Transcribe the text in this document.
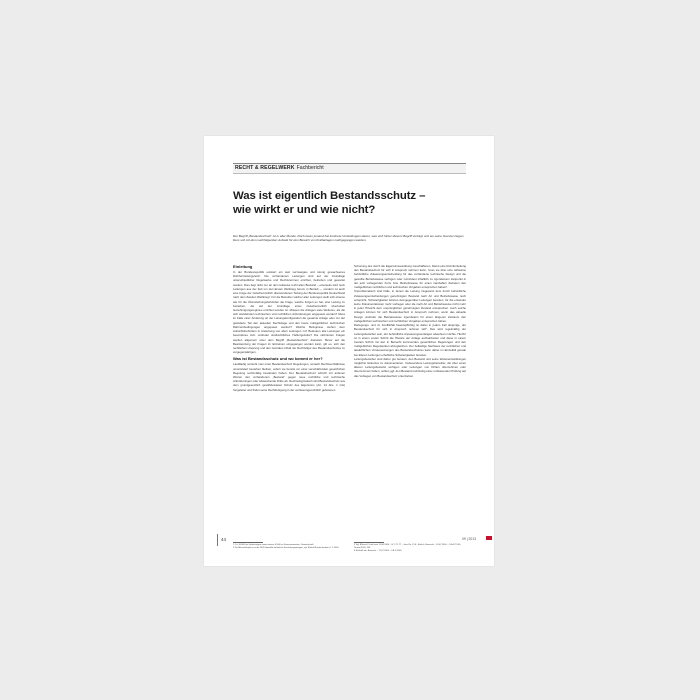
RECHT & REGELWERK Fachbericht
Was ist eigentlich Bestandsschutz –
wie wirkt er und wie nicht?
Der Begriff „Bestandsschutz“ ist in aller Munde. Doch kaum jemand hat konkrete Vorstellungen davon, was sich hinter diesem Begriff verbirgt und wo seine Grenzen liegen. Dem soll mit dem nachfolgenden Aufsatz für den Bereich von Kraftanlagen nachgegangen werden.
Einleitung

In der Bundesrepublik existiert ein weit verzweigtes und streng gewachsenes Rohrfernleitungsnetz¹. Die vorhandenen Leitungen sind auf der Grundlage unterschiedlicher Regelwerke und Rechtsnormen errichtet, betrieben und gewartet worden. Dies liegt nicht nur an dem teilweise recht alten Bestand – einerseits wird noch Leitungen aus der Zeit um den Ersten Weltkrieg herum in Betrieb –, sondern ist auch eine Folge der zwischenzeitlich überwundenen Teilung der Bundesrepublik Deutschland nach dem Zweiten Weltkrieg². Für die Betreiber solcher alter Leitungen stellt sich ebenso wie für die Überwachungsbehörden die Frage, welche Folgen es hat, eine Leitung zu betreiben, die auf der Grundlage eines zwischenzeitlich überholten Genehmigungsregimes errichtet worden ist. Müssen die Anlagen stets Weiteres, als die sich wandelnden technischen und rechtlichen Anforderungen angepasst werden? Muss im Falle einer Änderung an der Leitungskonfiguration die gesamte Anlage oder nur der geänderte Teil den aktuellen Rechtslage und den heute maßgeblichen technischen Rahmenbedingungen angepasst werden? Welche Befugnisse stehen dem Aufsichtsbehörden in Anwehung von alten Leitungen zu? Bedeuten alte Leitungen ein besonderes zivil- und/oder strafrechtliches Haftungsrisiko? Die skizzierten Fragen werden allgemein unter dem Begriff „Bestandsschutz“ diskutiert. Bevor auf die Beantwortung der Fragen im Einzelnen eingegangen werden kann, gilt es, sich den rechtlichen Ursprung und den zentralen Inhalt der Rechtsfigur des Bestandsschutzes zu vergegenwärtigen.

Was ist Bestandsschutz und wo kommt er her?

Landläufig versteht man unter Bestandsschutz Regelungen, wonach Rechtsverhältnisse unverändert bestehen bleiben, sofern sie bereits vor einer verschärfenden gesetzlichen Regelung rechtmäßig bestanden haben. Der Bestandsschutz schützt mit anderen Worten den vorhandenen „Bestand“ gegen neue rechtliche und technische Anforderungen oder Abweichende Dritte ab. Rechtsdogmatisch wird Bestandsschutz aus dem grundgesetzlich gewährleisteten Schutz des Eigentums (Art. 14 Abs. 1 GG) hergeleitet und findet seine Rechtfertigung in der verfassungsrechtlich gebotenen

Schonung des durch die Eigentumsausübung Geschaffenen. Damit eine Rohrfernleitung den Bestandsschutz für sich in Anspruch nehmen kann, muss sie über eine wirksame behördliche Zulassungsentscheidung für das vorhandene technische Design und die gewollte Betriebsweise verfügen oder zumindest inhaltlich zu irgendeinem Zeitpunkt in der jetzt vorliegenden Form bzw. Betriebsweise für einen namhaften Zeitraum den maßgeblichen rechtlichen und technischen Vorgaben entsprochen haben³.

Unproblematisch sind Fälle, in denen die Leitung insgesamt dem durch behördliche Zulassungsentscheidungen genehmigten Bestand nach Art und Betriebsweise noch entspricht. Schwierigkeiten können demgegenüber Leitungen bereiten, für die entweder keine Dokumentationen mehr vorliegen oder die nach Art und Betriebsweise nicht mehr in jeder Hinsicht dem ursprünglichen genehmigten Zustand entsprechen. Auch solche Anlagen können für sich Bestandsschutz in Anspruch nehmen, wenn das aktuelle Design und/oder die Betriebsweise irgendwann für einen längeren Zeitraum den maßgeblichen technischen und rechtlichen Vorgaben entsprochen haben.

Darlegungs- und im Konfliktfall beweispflichtig ist dabei in jedem Fall derjenige, der Bestandsschutz für sich in Anspruch nehmen will⁴. Das wird regelmäßig der Leitungsbetreiber sein, der behördliche Anpassungsverlangen abwehren möchte. Hierfür ist in einem ersten Schritt die Historie der Anlage aufzuarbeiten und diese in einem zweiten Schritt mit den in Betracht kommenden gesetzlichen Regelungen und den maßgeblichen Regelwerken abzugleichen. Der beiläufige Nachweis der rechtlichen und tatsächlichen Voraussetzungen des Bestandsschutzes kann daher im Einzelfall gerade bei älteren Leitungen erhebliche Schwierigkeiten bereiten.

Leitungsbetreiber sind daher gut beraten, den Bestand und seine Weiterentwicklungen möglichst lückenlos zu dokumentieren. Insbesondere Leitungsbetreiber, die über einen älteren Leitungsbestand verfügen oder Leitungen von Dritten übernehmen oder übernommen haben, sollten ggf. den Bestand rechtzeitig einer umfassenden Prüfung auf das Vorliegen von Bestandsschutz unterziehen.

1 Ca. 30.000 km Gasleitungen sowie weitere 4.500 km Fernwärmenetze, Gaswirtschaft.

2 Für Mineralöl gab es in der DDR ebenfalls zahlreiche Fernleitungsanlagen, vgl. Ehrlich/Rundschreiben 6. Ti 1990.

3 Vgl. BVerwG, Urteil vom 15.08.1980 – IV C 71.77 – Juris Rn. 13 ff.; Ehrlich, Baurecht – 24.07.2009 – 1 BvR 73.09; Terwiel 2011, 424.

4 Ehrlich/Lute, Baurecht – 17.07.2003 – 4 B 5.2003.

44	09 | 2013
